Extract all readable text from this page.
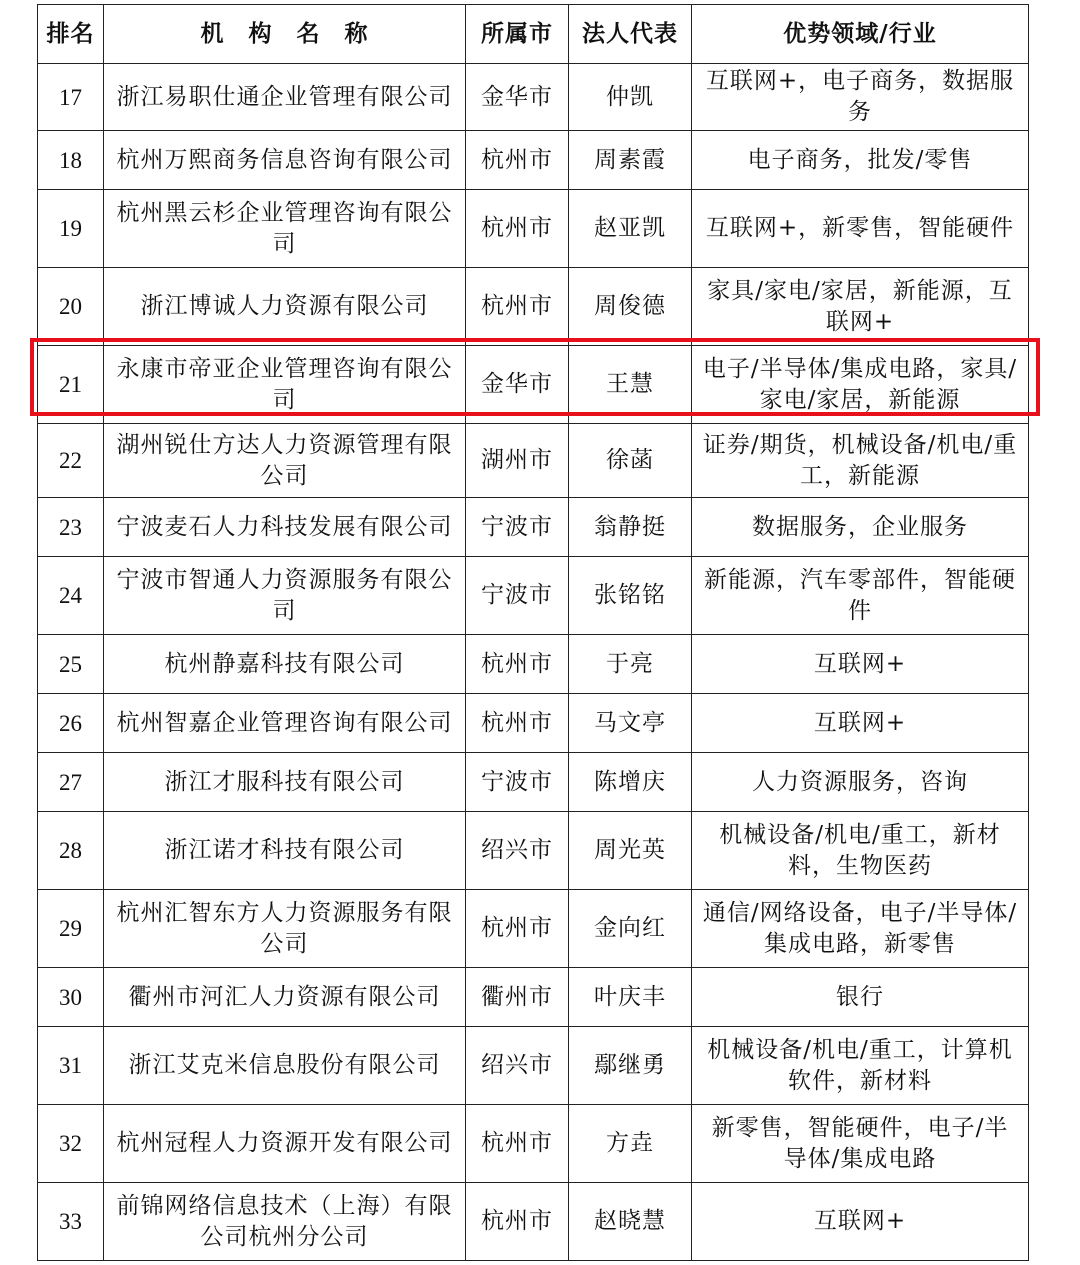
排名	机　构　名　称	所属市	法人代表	优势领域/行业
17	浙江易职仕通企业管理有限公司	金华市	仲凯	互联网+，电子商务，数据服务
18	杭州万熙商务信息咨询有限公司	杭州市	周素霞	电子商务，批发/零售
19	杭州黑云杉企业管理咨询有限公司	杭州市	赵亚凯	互联网+，新零售，智能硬件
20	浙江博诚人力资源有限公司	杭州市	周俊德	家具/家电/家居，新能源，互联网+
21	永康市帝亚企业管理咨询有限公司	金华市	王慧	电子/半导体/集成电路，家具/家电/家居，新能源
22	湖州锐仕方达人力资源管理有限公司	湖州市	徐菡	证券/期货，机械设备/机电/重工，新能源
23	宁波麦石人力科技发展有限公司	宁波市	翁静挺	数据服务，企业服务
24	宁波市智通人力资源服务有限公司	宁波市	张铭铭	新能源，汽车零部件，智能硬件
25	杭州静嘉科技有限公司	杭州市	于亮	互联网+
26	杭州智嘉企业管理咨询有限公司	杭州市	马文亭	互联网+
27	浙江才服科技有限公司	宁波市	陈增庆	人力资源服务，咨询
28	浙江诺才科技有限公司	绍兴市	周光英	机械设备/机电/重工，新材料，生物医药
29	杭州汇智东方人力资源服务有限公司	杭州市	金向红	通信/网络设备，电子/半导体/集成电路，新零售
30	衢州市河汇人力资源有限公司	衢州市	叶庆丰	银行
31	浙江艾克米信息股份有限公司	绍兴市	鄢继勇	机械设备/机电/重工，计算机软件，新材料
32	杭州冠程人力资源开发有限公司	杭州市	方垚	新零售，智能硬件，电子/半导体/集成电路
33	前锦网络信息技术（上海）有限公司杭州分公司	杭州市	赵晓慧	互联网+
